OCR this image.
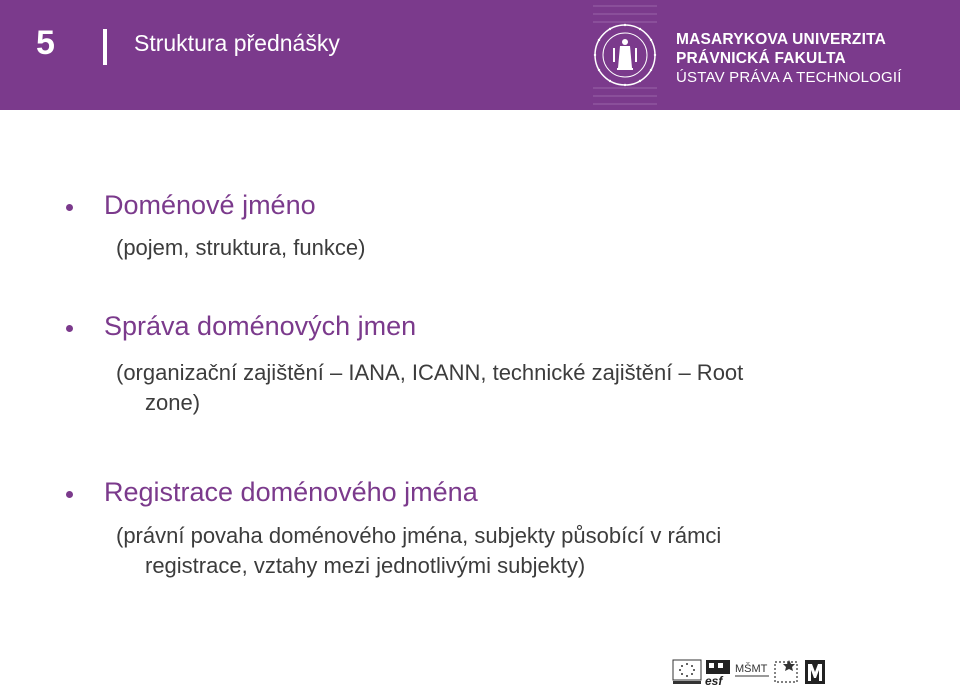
5	Struktura přednášky	MASARYKOVA UNIVERZITA
PRÁVNICKÁ FAKULTA
ÚSTAV PRÁVA A TECHNOLOGIÍ
Doménové jméno
(pojem, struktura, funkce)
Správa doménových jmen
(organizační zajištění – IANA, ICANN, technické zajištění – Root
zone)
Registrace doménového jména
(právní povaha doménového jména, subjekty působící v rámci
registrace, vztahy mezi jednotlivými subjekty)
esf
MŠMT
